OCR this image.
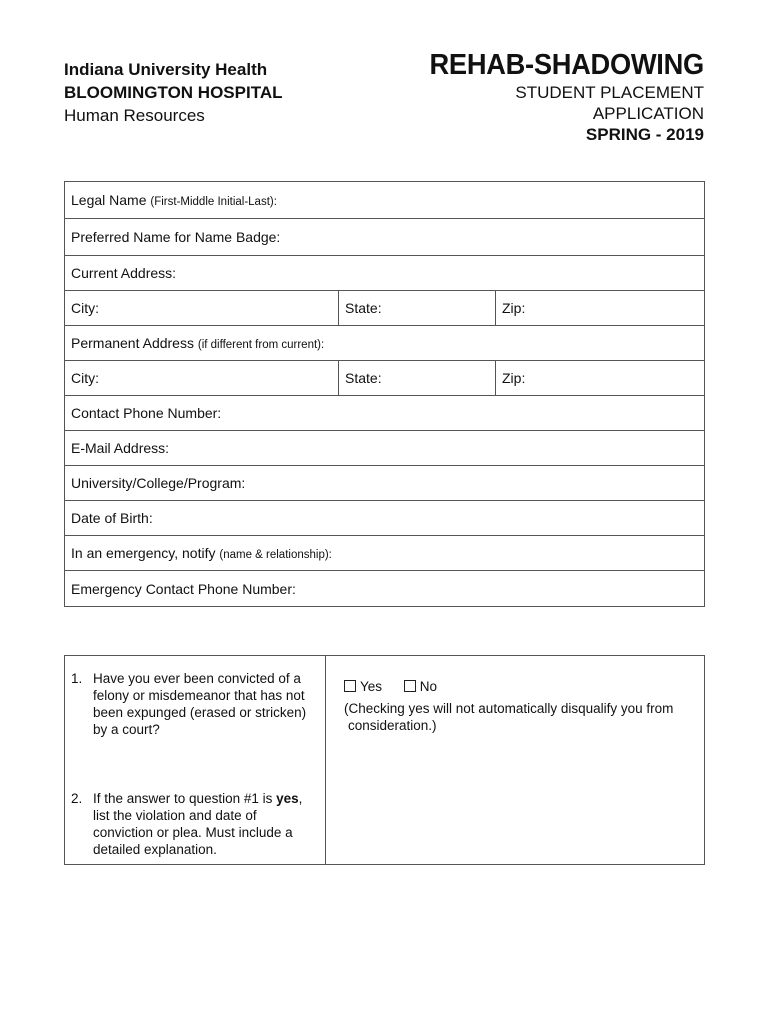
Indiana University Health
BLOOMINGTON HOSPITAL
Human Resources
REHAB-SHADOWING
STUDENT PLACEMENT
APPLICATION
SPRING - 2019
Legal Name (First-Middle Initial-Last):
Preferred Name for Name Badge:
Current Address:
City:	State:	Zip:
Permanent Address (if different from current):
City:	State:	Zip:
Contact Phone Number:
E-Mail Address:
University/College/Program:
Date of Birth:
In an emergency, notify (name & relationship):
Emergency Contact Phone Number:
1. Have you ever been convicted of a felony or misdemeanor that has not been expunged (erased or stricken) by a court?
2. If the answer to question #1 is yes, list the violation and date of conviction or plea. Must include a detailed explanation.
Yes	No
(Checking yes will not automatically disqualify you from consideration.)
